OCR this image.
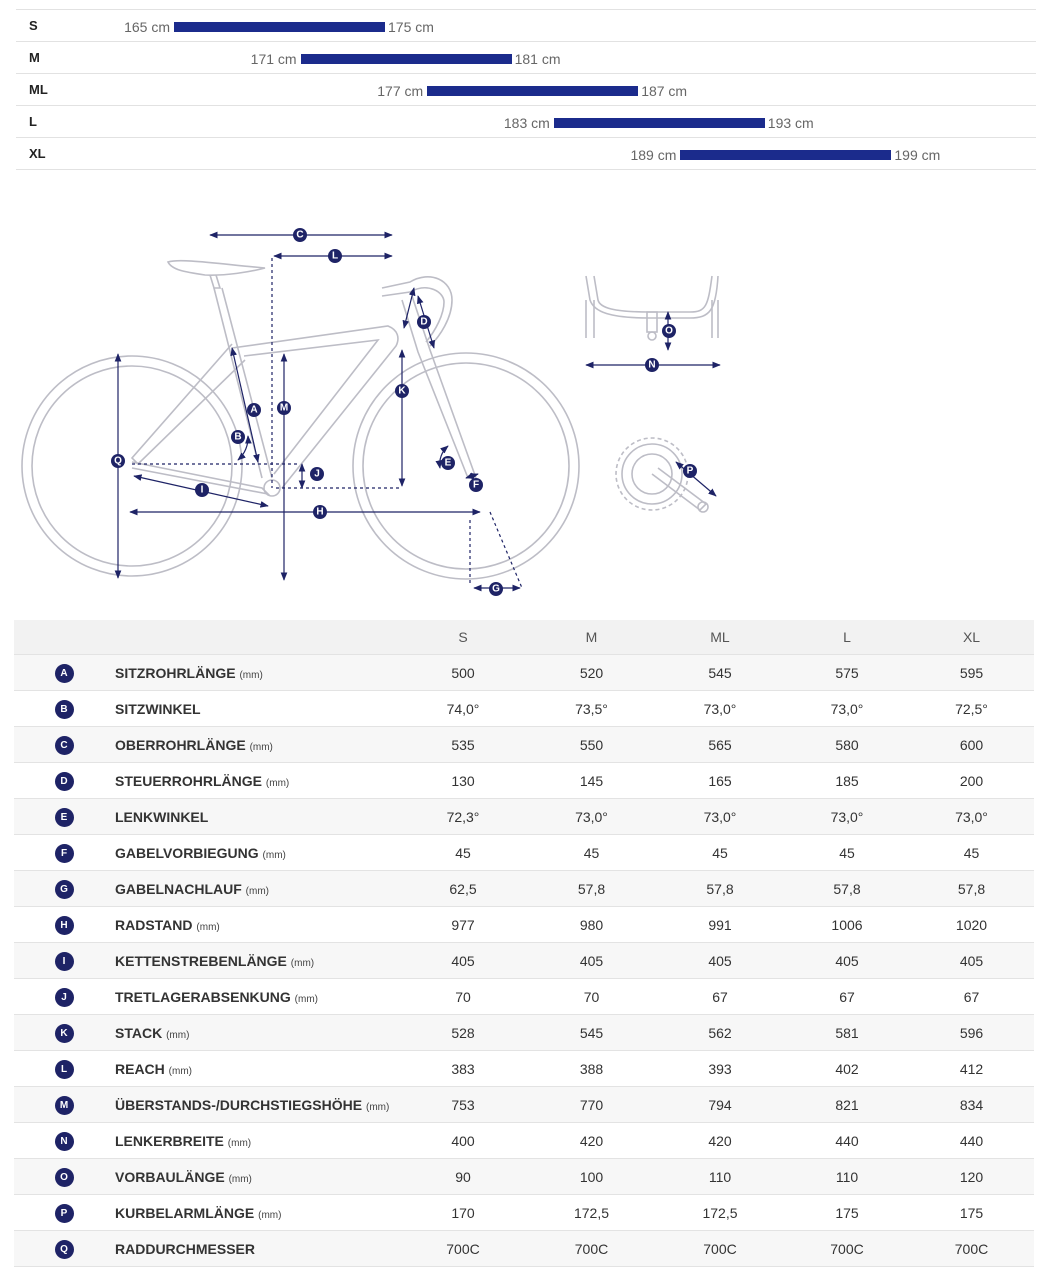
S	165 cm	175 cm
M	171 cm	181 cm
ML	177 cm	187 cm
L	183 cm	193 cm
XL	189 cm	199 cm
A
B
C
D
E
F
G
H
I
J
K
L
M
N
O
P
Q
		S	M	ML	L	XL
A	SITZROHRLÄNGE (mm)	500	520	545	575	595
B	SITZWINKEL	74,0°	73,5°	73,0°	73,0°	72,5°
C	OBERROHRLÄNGE (mm)	535	550	565	580	600
D	STEUERROHRLÄNGE (mm)	130	145	165	185	200
E	LENKWINKEL	72,3°	73,0°	73,0°	73,0°	73,0°
F	GABELVORBIEGUNG (mm)	45	45	45	45	45
G	GABELNACHLAUF (mm)	62,5	57,8	57,8	57,8	57,8
H	RADSTAND (mm)	977	980	991	1006	1020
I	KETTENSTREBENLÄNGE (mm)	405	405	405	405	405
J	TRETLAGERABSENKUNG (mm)	70	70	67	67	67
K	STACK (mm)	528	545	562	581	596
L	REACH (mm)	383	388	393	402	412
M	ÜBERSTANDS-/DURCHSTIEGSHÖHE (mm)	753	770	794	821	834
N	LENKERBREITE (mm)	400	420	420	440	440
O	VORBAULÄNGE (mm)	90	100	110	110	120
P	KURBELARMLÄNGE (mm)	170	172,5	172,5	175	175
Q	RADDURCHMESSER	700C	700C	700C	700C	700C
